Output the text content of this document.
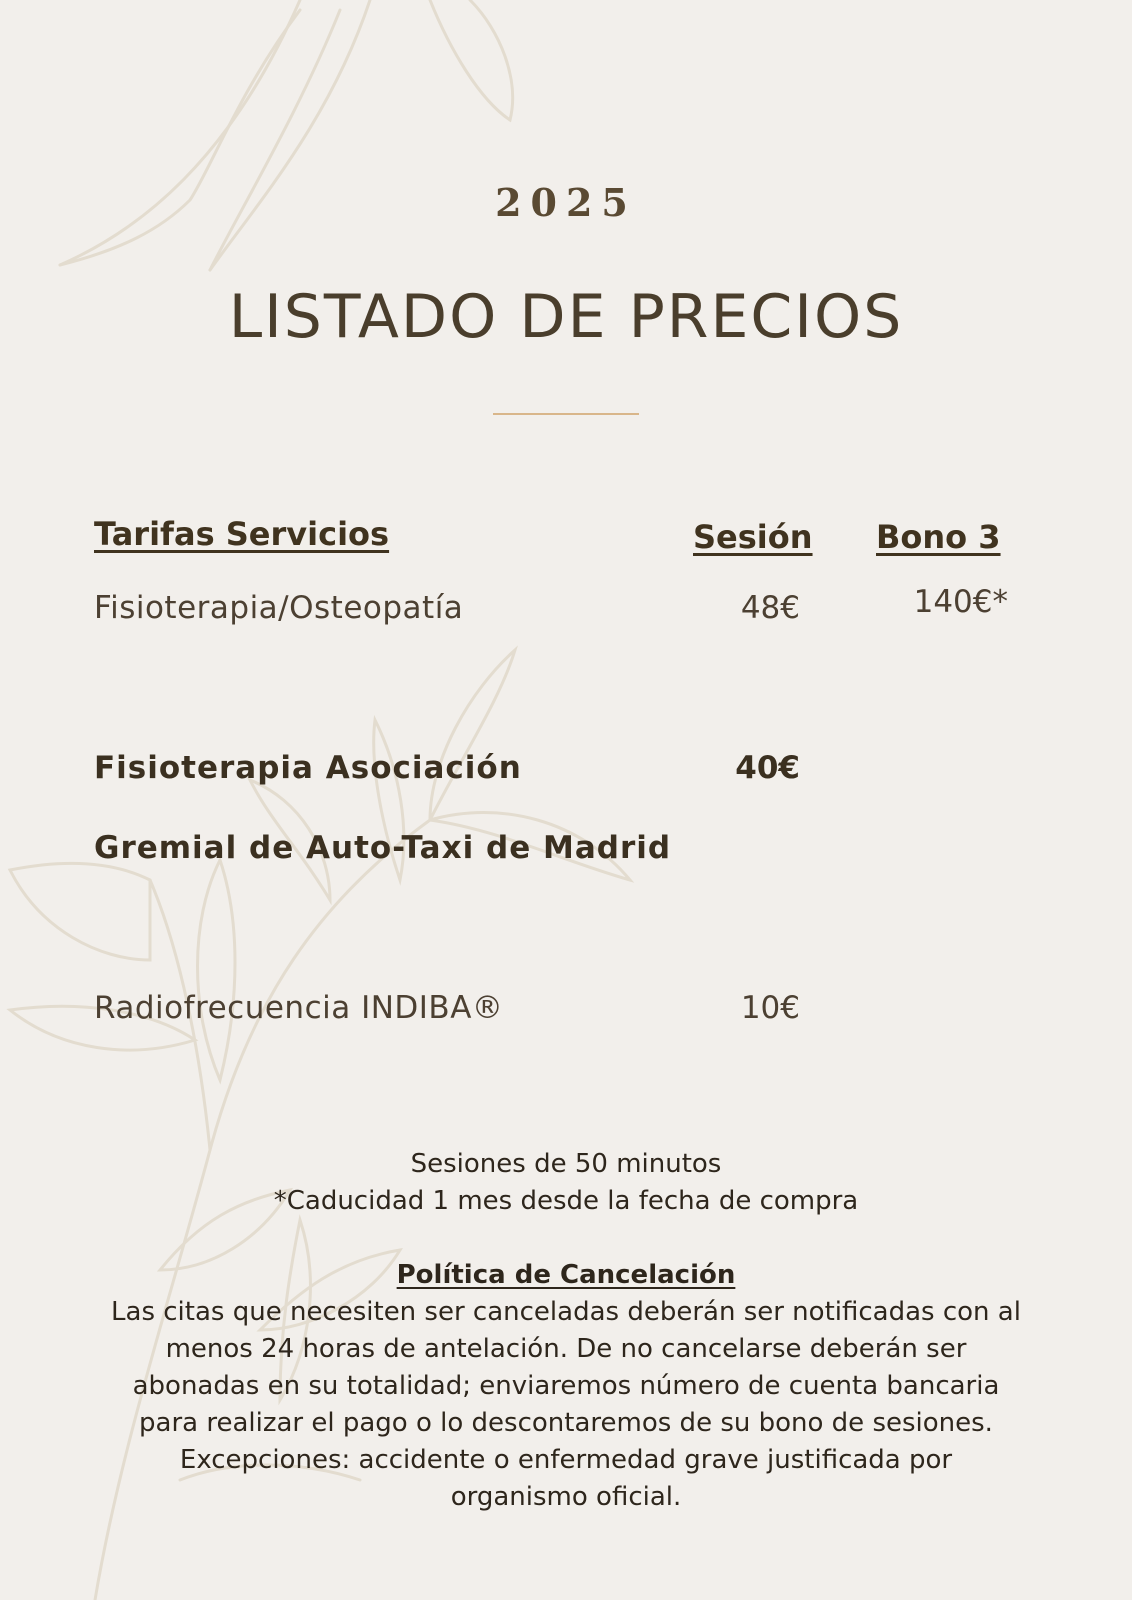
2025
LISTADO DE PRECIOS
Tarifas Servicios	Sesión Bono 3
Fisioterapia/Osteopatía	48€	140€*
Fisioterapia Asociación	40€
Gremial de Auto-Taxi de Madrid
Radiofrecuencia INDIBA®	10€
Sesiones de 50 minutos
*Caducidad 1 mes desde la fecha de compra
Política de Cancelación
Las citas que necesiten ser canceladas deberán ser notificadas con al
menos 24 horas de antelación. De no cancelarse deberán ser
abonadas en su totalidad; enviaremos número de cuenta bancaria
para realizar el pago o lo descontaremos de su bono de sesiones.
Excepciones: accidente o enfermedad grave justificada por
organismo oficial.
